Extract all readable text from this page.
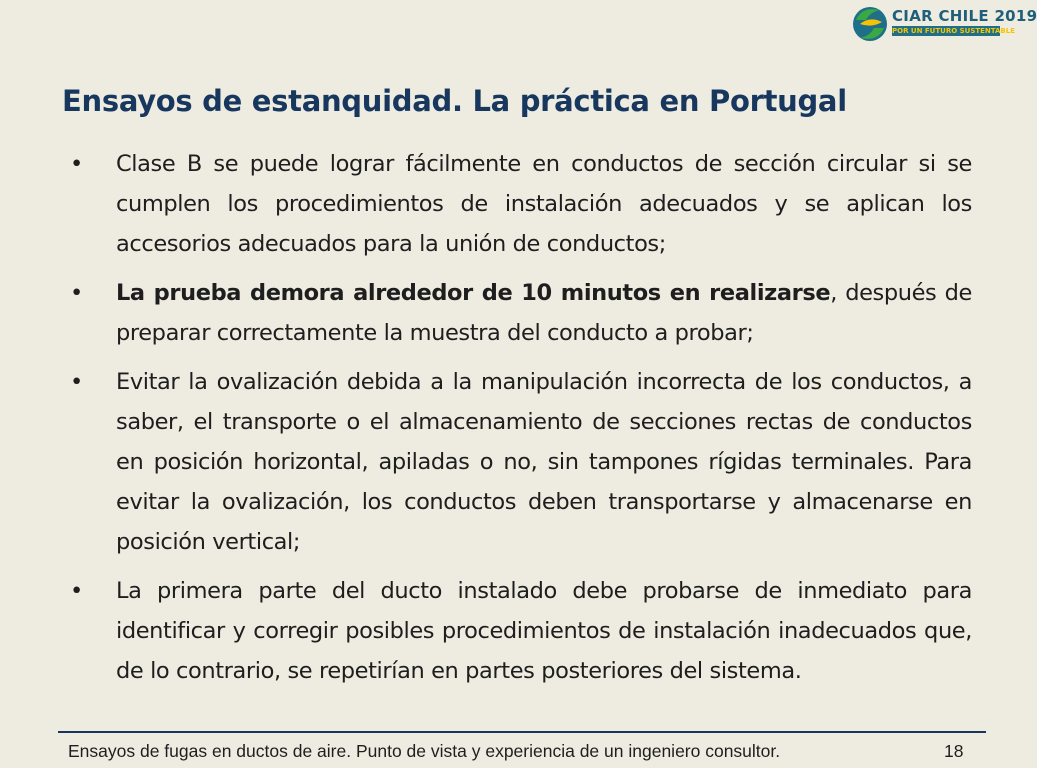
CIAR CHILE 2019
POR UN FUTURO SUSTENTABLE
Ensayos de estanquidad. La práctica en Portugal
• Clase B se puede lograr fácilmente en conductos de sección circular si se cumplen los procedimientos de instalación adecuados y se aplican los accesorios adecuados para la unión de conductos;
• La prueba demora alrededor de 10 minutos en realizarse, después de preparar correctamente la muestra del conducto a probar;
• Evitar la ovalización debida a la manipulación incorrecta de los conductos, a saber, el transporte o el almacenamiento de secciones rectas de conductos en posición horizontal, apiladas o no, sin tampones rígidas terminales. Para evitar la ovalización, los conductos deben transportarse y almacenarse en posición vertical;
• La primera parte del ducto instalado debe probarse de inmediato para identificar y corregir posibles procedimientos de instalación inadecuados que, de lo contrario, se repetirían en partes posteriores del sistema.
Ensayos de fugas en ductos de aire. Punto de vista y experiencia de un ingeniero consultor.	18
